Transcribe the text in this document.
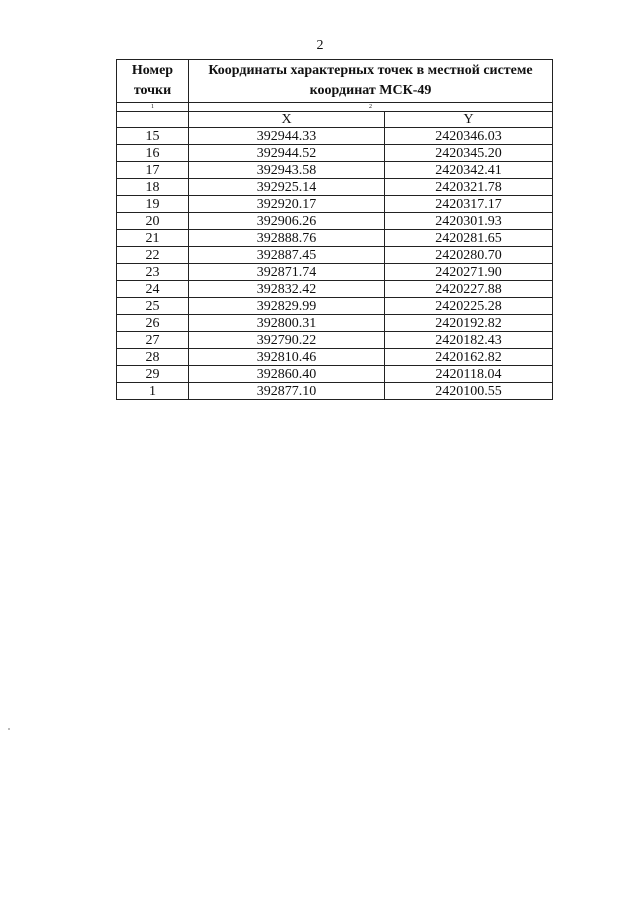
2
Номер точки	Координаты характерных точек в местной системе координат МСК-49	

1	2	
	X	Y
15	392944.33	2420346.03
16	392944.52	2420345.20
17	392943.58	2420342.41
18	392925.14	2420321.78
19	392920.17	2420317.17
20	392906.26	2420301.93
21	392888.76	2420281.65
22	392887.45	2420280.70
23	392871.74	2420271.90
24	392832.42	2420227.88
25	392829.99	2420225.28
26	392800.31	2420192.82
27	392790.22	2420182.43
28	392810.46	2420162.82
29	392860.40	2420118.04
1	392877.10	2420100.55
